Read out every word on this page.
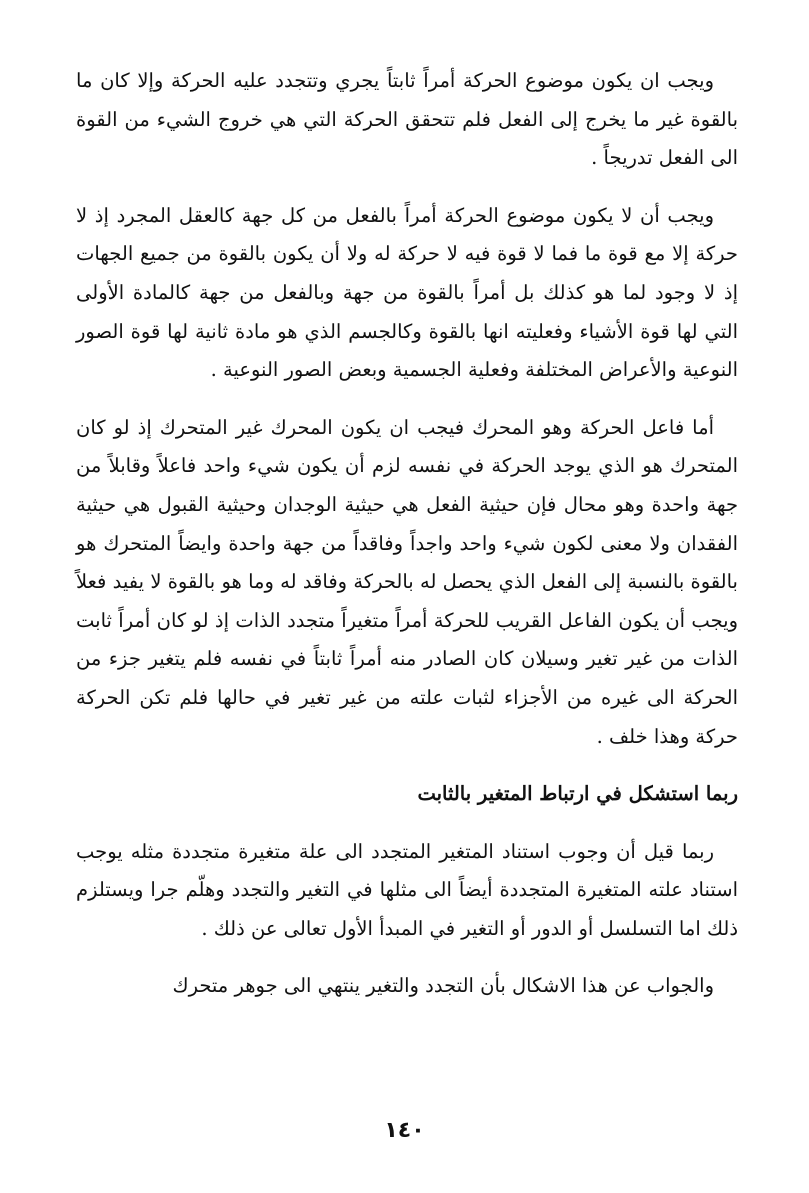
ويجب ان يكون موضوع الحركة أمراً ثابتاً يجري وتتجدد عليه الحركة وإلا كان ما بالقوة غير ما يخرج إلى الفعل فلم تتحقق الحركة التي هي خروج الشيء من القوة الى الفعل تدريجاً .

ويجب أن لا يكون موضوع الحركة أمراً بالفعل من كل جهة كالعقل المجرد إذ لا حركة إلا مع قوة ما فما لا قوة فيه لا حركة له ولا أن يكون بالقوة من جميع الجهات إذ لا وجود لما هو كذلك بل أمراً بالقوة من جهة وبالفعل من جهة كالمادة الأولى التي لها قوة الأشياء وفعليته انها بالقوة وكالجسم الذي هو مادة ثانية لها قوة الصور النوعية والأعراض المختلفة وفعلية الجسمية وبعض الصور النوعية .

أما فاعل الحركة وهو المحرك فيجب ان يكون المحرك غير المتحرك إذ لو كان المتحرك هو الذي يوجد الحركة في نفسه لزم أن يكون شيء واحد فاعلاً وقابلاً من جهة واحدة وهو محال فإن حيثية الفعل هي حيثية الوجدان وحيثية القبول هي حيثية الفقدان ولا معنى لكون شيء واحد واجداً وفاقداً من جهة واحدة وايضاً المتحرك هو بالقوة بالنسبة إلى الفعل الذي يحصل له بالحركة وفاقد له وما هو بالقوة لا يفيد فعلاً ويجب أن يكون الفاعل القريب للحركة أمراً متغيراً متجدد الذات إذ لو كان أمراً ثابت الذات من غير تغير وسيلان كان الصادر منه أمراً ثابتاً في نفسه فلم يتغير جزء من الحركة الى غيره من الأجزاء لثبات علته من غير تغير في حالها فلم تكن الحركة حركة وهذا خلف .

ربما استشكل في ارتباط المتغير بالثابت

ربما قيل أن وجوب استناد المتغير المتجدد الى علة متغيرة متجددة مثله يوجب استناد علته المتغيرة المتجددة أيضاً الى مثلها في التغير والتجدد وهلّم جرا ويستلزم ذلك اما التسلسل أو الدور أو التغير في المبدأ الأول تعالى عن ذلك .

والجواب عن هذا الاشكال بأن التجدد والتغير ينتهي الى جوهر متحرك

١٤٠
